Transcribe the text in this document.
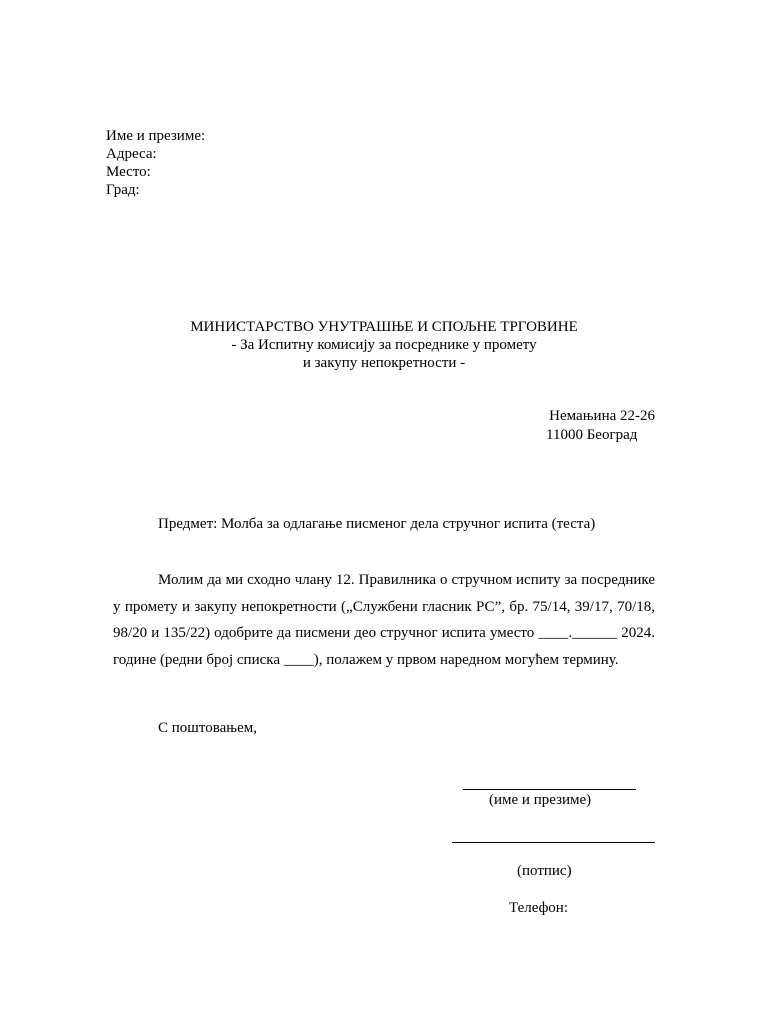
Име и презиме:
Адреса:
Место:
Град:
МИНИСТАРСТВО УНУТРАШЊЕ И СПОЉНЕ ТРГОВИНЕ
- За Испитну комисију за посреднике у промету
и закупу непокретности -
Немањина 22-26
11000 Београд
Предмет: Молба за одлагање писменог дела стручног испита (теста)
Молим да ми сходно члану 12. Правилника о стручном испиту за посреднике у промету и закупу непокретности („Службени гласник РС”, бр. 75/14, 39/17, 70/18, 98/20 и 135/22) одобрите да писмени део стручног испита уместо ____.______ 2024. године (редни број списка ____), полажем у првом наредном могућем термину.
С поштовањем,
(име и презиме)
(потпис)
Телефон:
